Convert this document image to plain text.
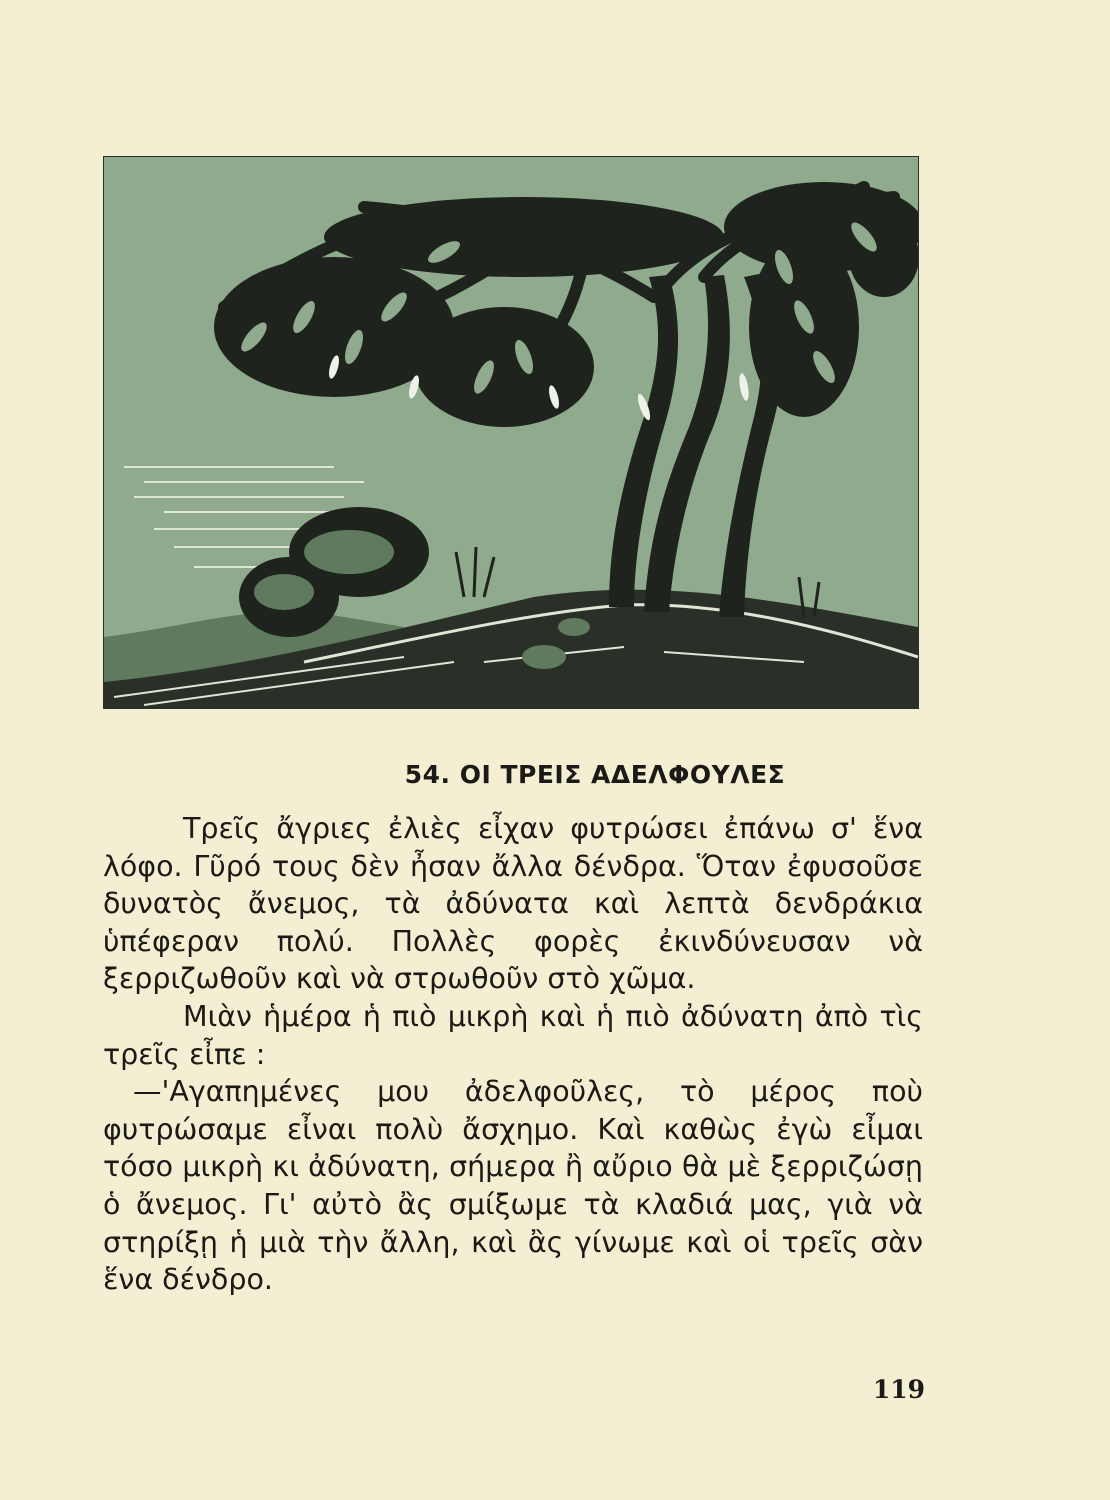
54. ΟΙ ΤΡΕΙΣ ΑΔΕΛΦΟΥΛΕΣ

Τρεῖς ἄγριες ἐλιὲς εἶχαν φυτρώσει ἐπάνω σ' ἕνα λόφο. Γῦρό τους δὲν ἦσαν ἄλλα δένδρα. Ὅταν ἐφυσοῦσε δυνατὸς ἄνεμος, τὰ ἀδύνατα καὶ λεπτὰ δενδράκια ὑπέφεραν πολύ. Πολλὲς φορὲς ἐκινδύνευσαν νὰ ξερριζωθοῦν καὶ νὰ στρωθοῦν στὸ χῶμα.

Μιὰν ἡμέρα ἡ πιὸ μικρὴ καὶ ἡ πιὸ ἀδύνατη ἀπὸ τὶς τρεῖς εἶπε :

—'Αγαπημένες μου ἀδελφοῦλες, τὸ μέρος ποὺ φυτρώσαμε εἶναι πολὺ ἄσχημο. Καὶ καθὼς ἐγὼ εἶμαι τόσο μικρὴ κι ἀδύνατη, σήμερα ἢ αὔριο θὰ μὲ ξερριζώσῃ ὁ ἄνεμος. Γι' αὐτὸ ἂς σμίξωμε τὰ κλαδιά μας, γιὰ νὰ στηρίξῃ ἡ μιὰ τὴν ἄλλη, καὶ ἂς γίνωμε καὶ οἱ τρεῖς σὰν ἕνα δένδρο.

119
